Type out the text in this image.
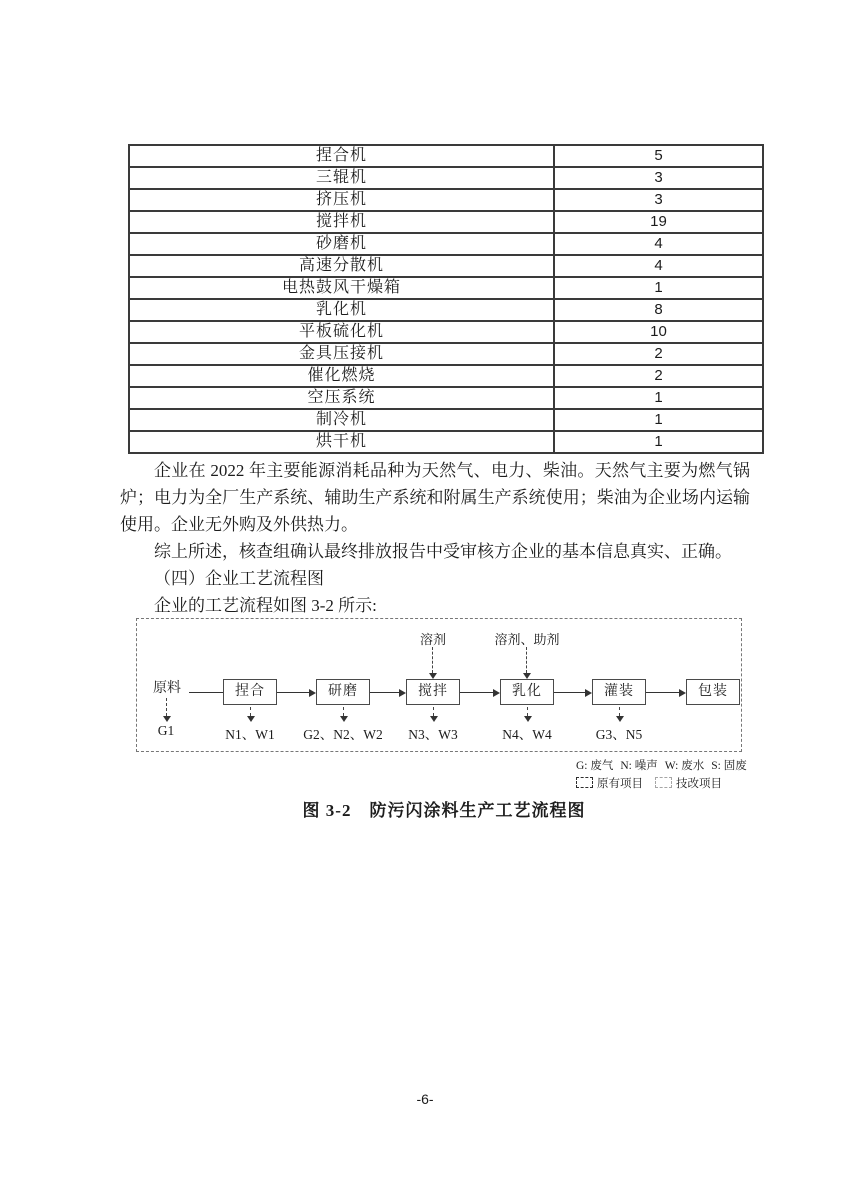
捏合机	5
三辊机	3
挤压机	3
搅拌机	19
砂磨机	4
高速分散机	4
电热鼓风干燥箱	1
乳化机	8
平板硫化机	10
金具压接机	2
催化燃烧	2
空压系统	1
制冷机	1
烘干机	1

企业在 2022 年主要能源消耗品种为天然气、电力、柴油。天然气主要为燃气锅炉；电力为全厂生产系统、辅助生产系统和附属生产系统使用；柴油为企业场内运输使用。企业无外购及外供热力。

综上所述，核查组确认最终排放报告中受审核方企业的基本信息真实、正确。

（四）企业工艺流程图

企业的工艺流程如图 3-2 所示:

原料	捏合	研磨	搅拌	乳化	灌装	包装
溶剂	溶剂、助剂
G1	N1、W1	G2、N2、W2	N3、W3	N4、W4	G3、N5
G: 废气 N: 噪声 W: 废水 S: 固废
原有项目	技改项目
图 3-2　防污闪涂料生产工艺流程图
-6-
